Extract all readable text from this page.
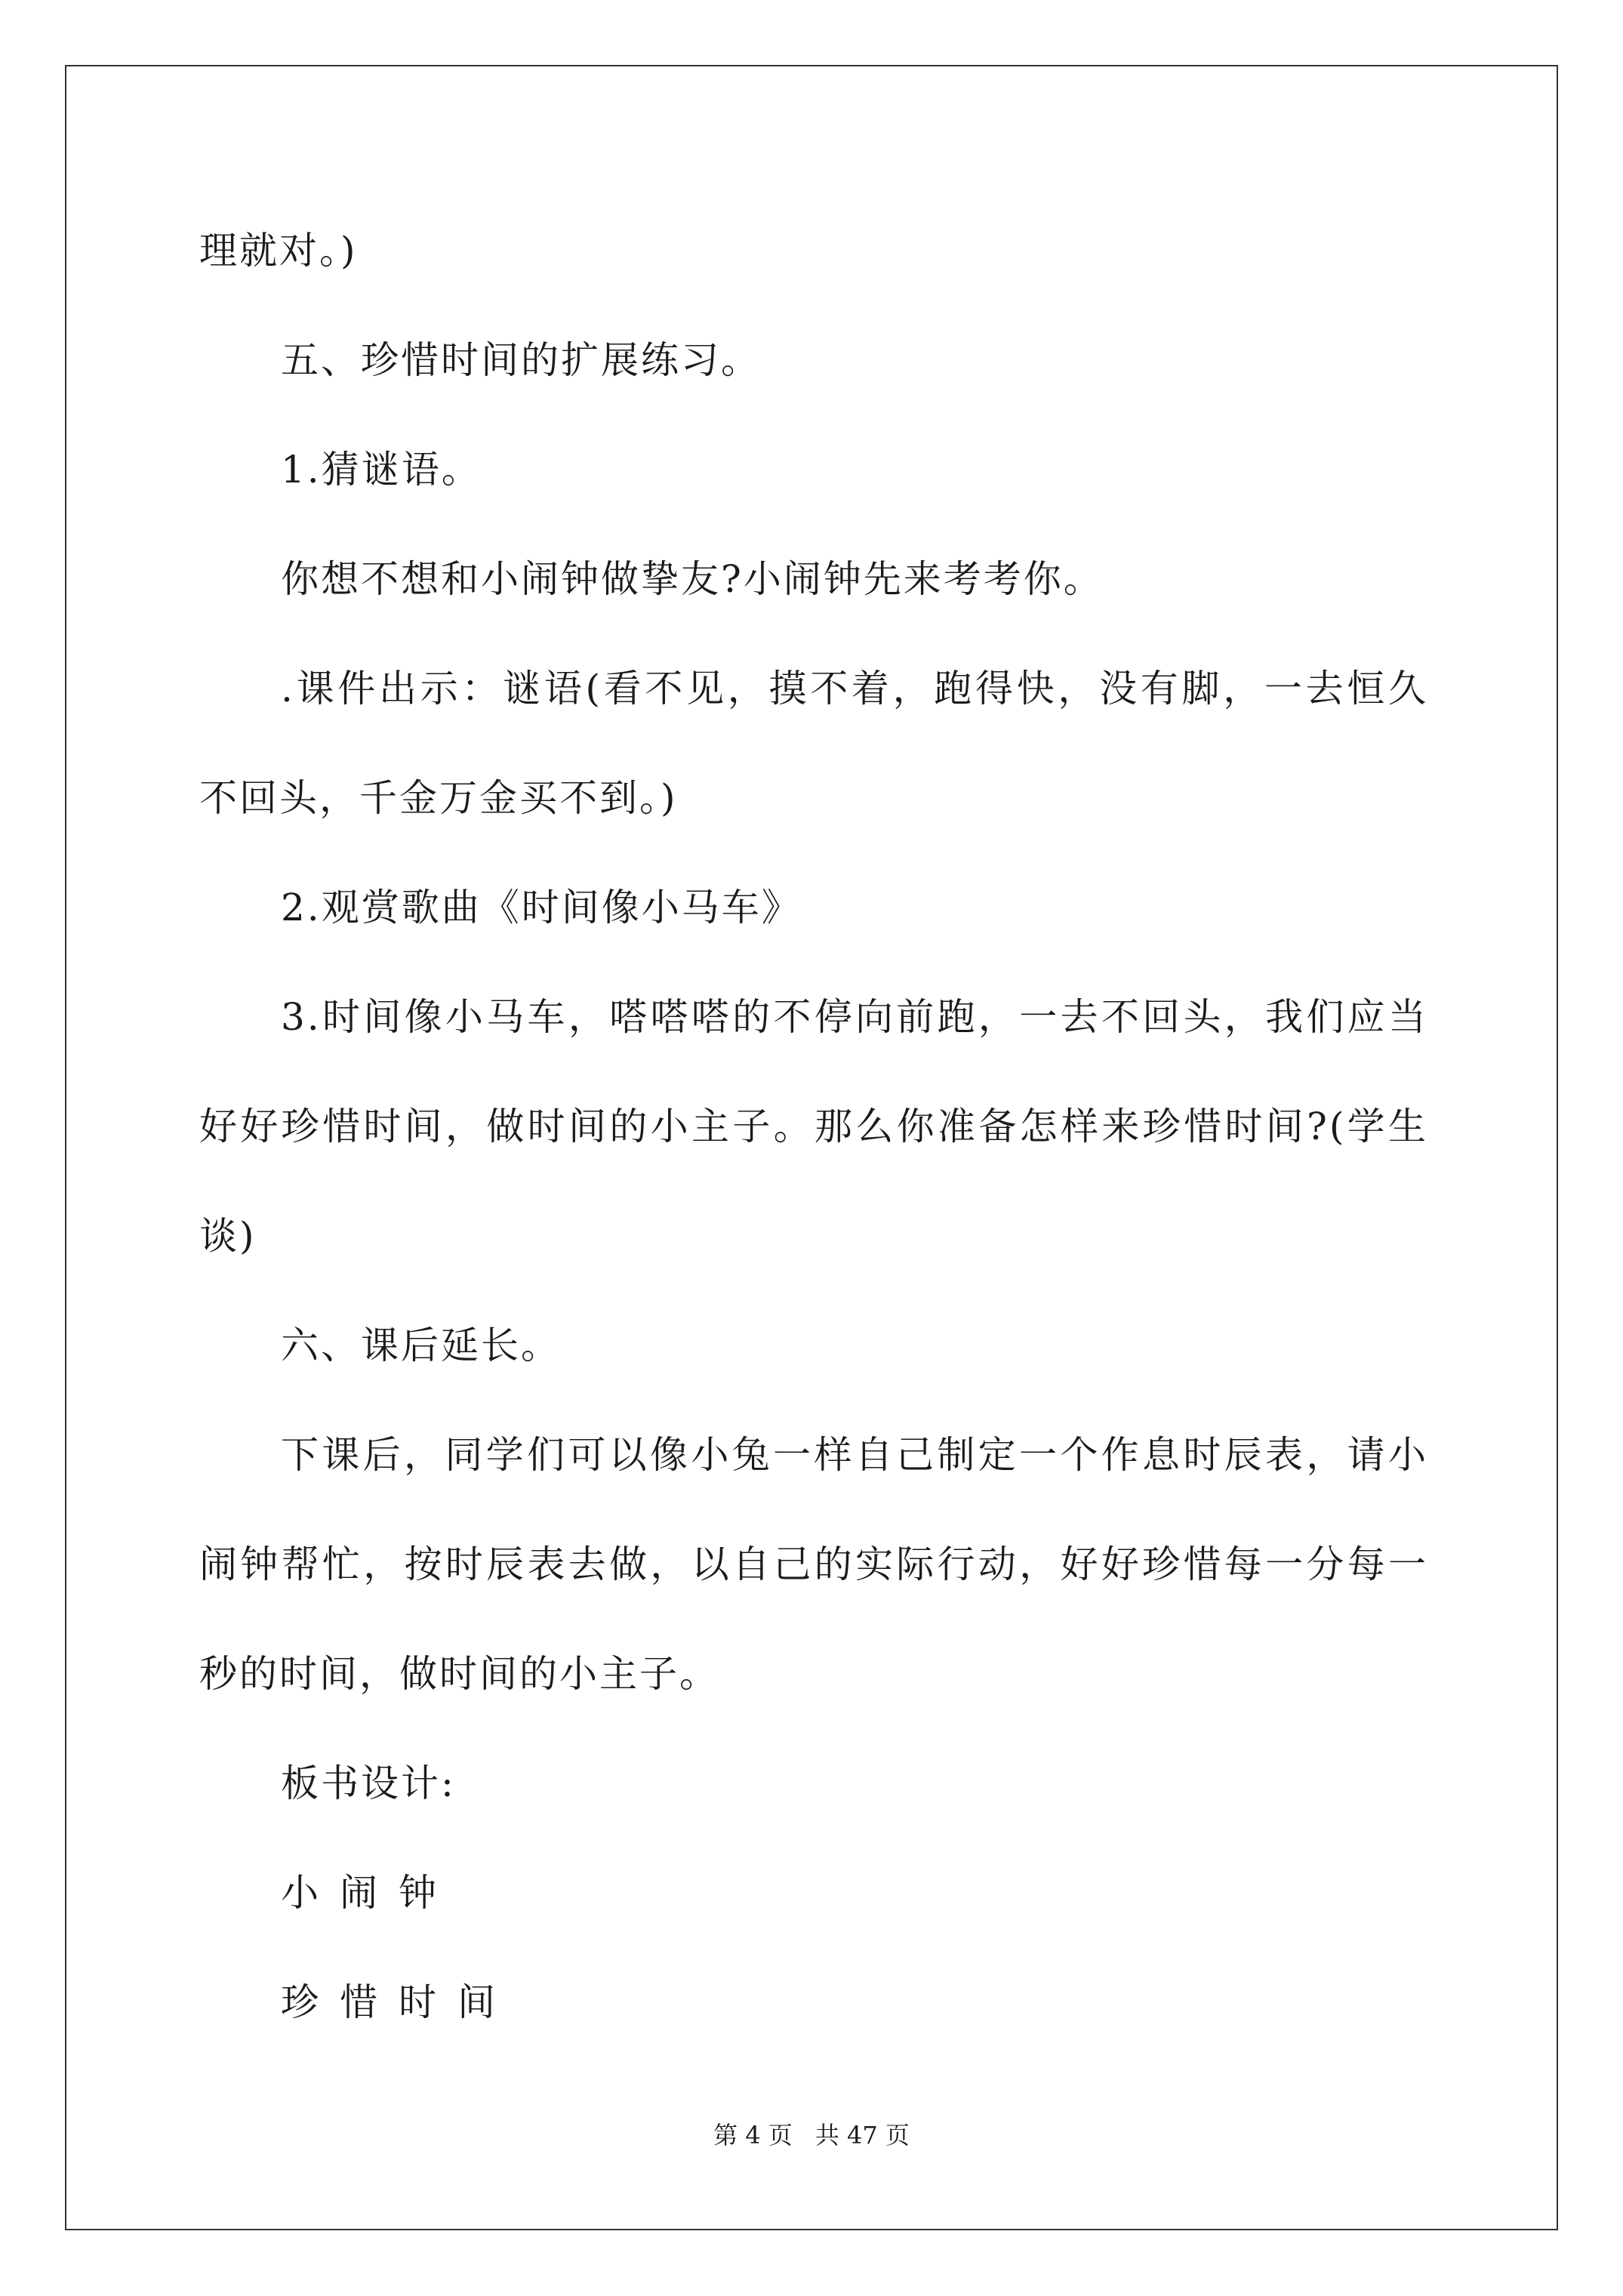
理就对。)

五、珍惜时间的扩展练习。

1.猜谜语。

你想不想和小闹钟做挚友?小闹钟先来考考你。

.课件出示：谜语(看不见，摸不着，跑得快，没有脚，一去恒久不回头，千金万金买不到。)

2.观赏歌曲《时间像小马车》

3.时间像小马车，嗒嗒嗒的不停向前跑，一去不回头，我们应当好好珍惜时间，做时间的小主子。那么你准备怎样来珍惜时间?(学生谈)

六、课后延长。

下课后，同学们可以像小兔一样自己制定一个作息时辰表，请小闹钟帮忙，按时辰表去做，以自己的实际行动，好好珍惜每一分每一秒的时间，做时间的小主子。

板书设计:

小闹钟

珍惜时间

第 4 页 共 47 页
